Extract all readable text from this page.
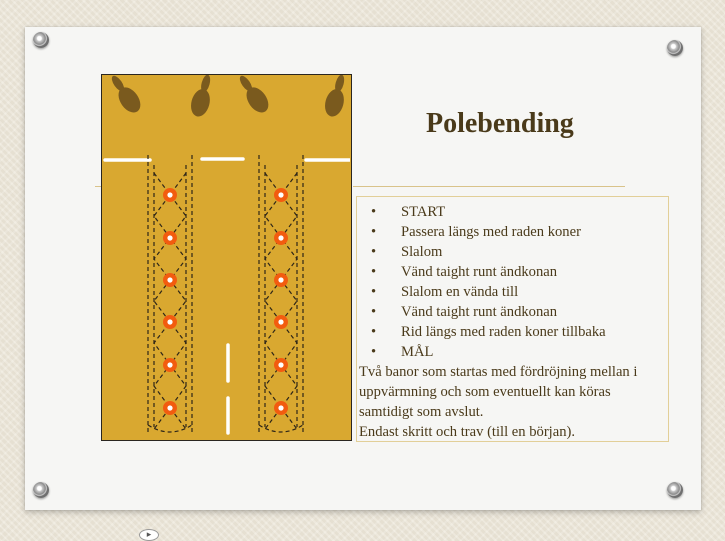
Polebending
• START
• Passera längs med raden koner
• Slalom
• Vänd taight runt ändkonan
• Slalom en vända till
• Vänd taight runt ändkonan
• Rid längs med raden koner tillbaka
• MÅL

Två banor som startas med fördröjning mellan i uppvärmning och som eventuellt kan köras samtidigt som avslut.

Endast skritt och trav (till en början).

▸
